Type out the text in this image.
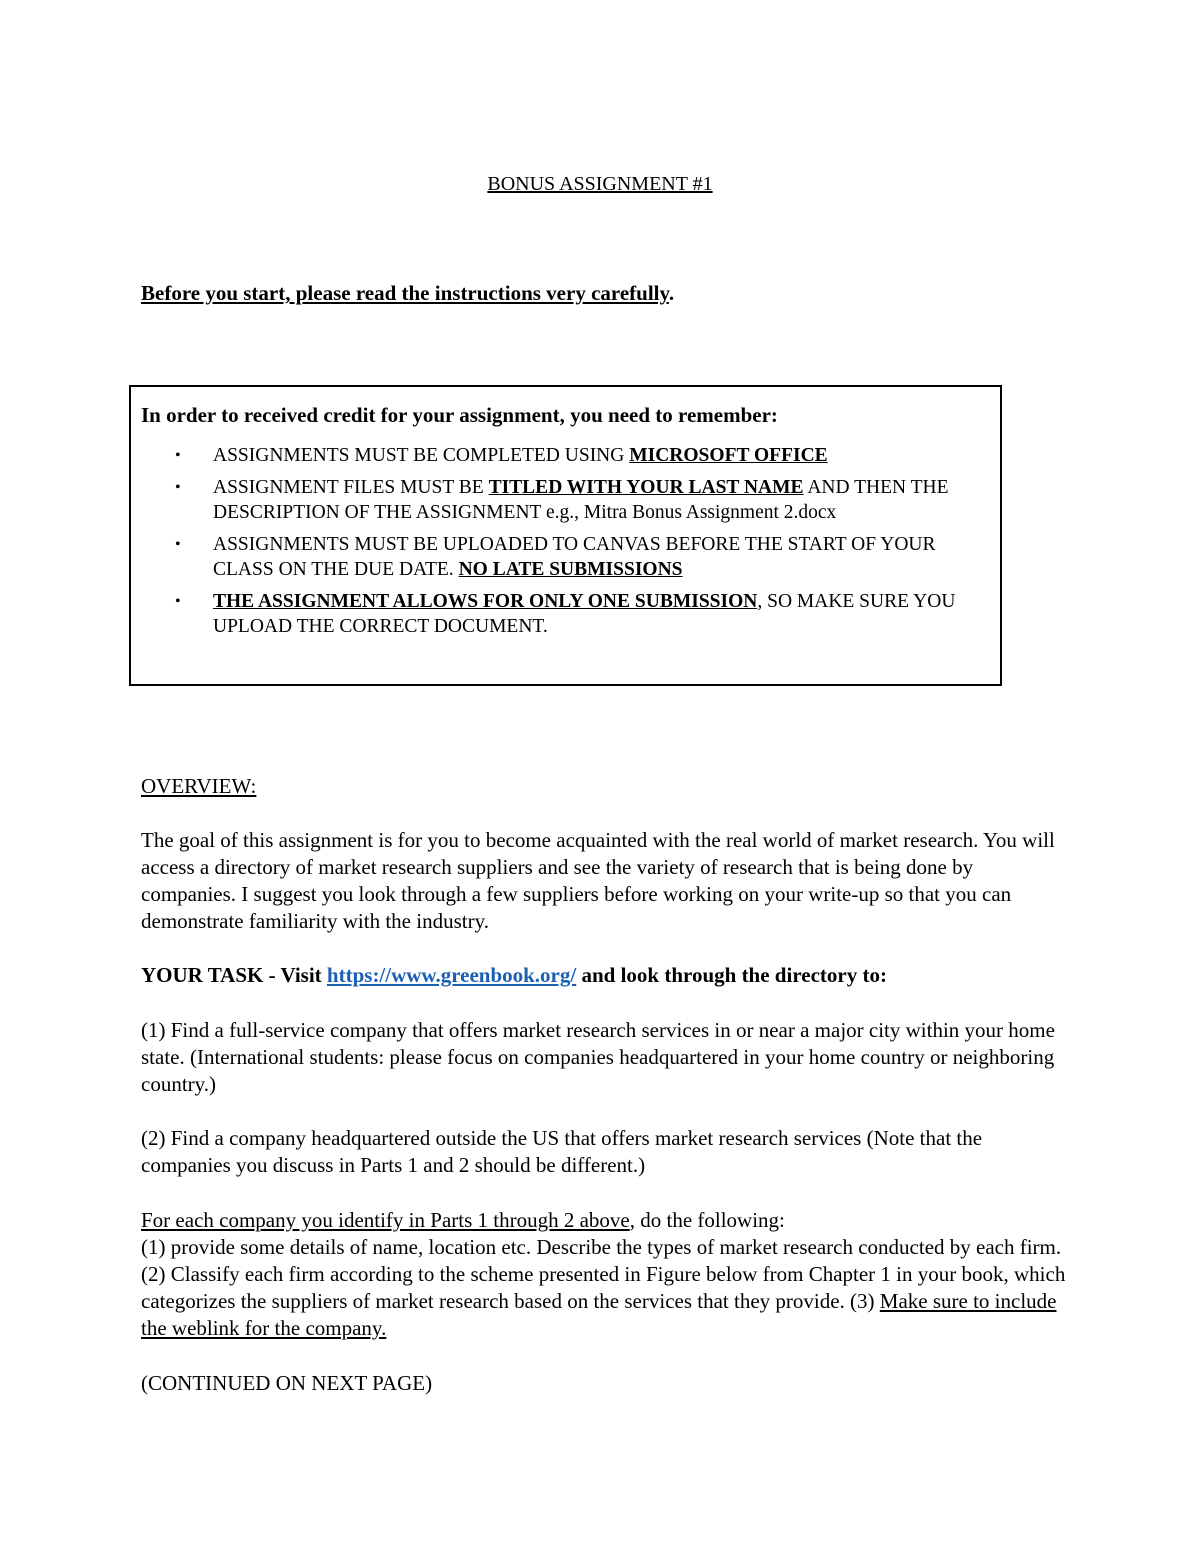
BONUS ASSIGNMENT #1
Before you start, please read the instructions very carefully.
In order to received credit for your assignment, you need to remember:
• ASSIGNMENTS MUST BE COMPLETED USING MICROSOFT OFFICE
• ASSIGNMENT FILES MUST BE TITLED WITH YOUR LAST NAME AND THEN THE DESCRIPTION OF THE ASSIGNMENT e.g., Mitra Bonus Assignment 2.docx
• ASSIGNMENTS MUST BE UPLOADED TO CANVAS BEFORE THE START OF YOUR CLASS ON THE DUE DATE. NO LATE SUBMISSIONS
• THE ASSIGNMENT ALLOWS FOR ONLY ONE SUBMISSION, SO MAKE SURE YOU UPLOAD THE CORRECT DOCUMENT.
OVERVIEW:

The goal of this assignment is for you to become acquainted with the real world of market research. You will access a directory of market research suppliers and see the variety of research that is being done by companies. I suggest you look through a few suppliers before working on your write-up so that you can demonstrate familiarity with the industry.

YOUR TASK - Visit https://www.greenbook.org/ and look through the directory to:

(1) Find a full-service company that offers market research services in or near a major city within your home state. (International students: please focus on companies headquartered in your home country or neighboring country.)

(2) Find a company headquartered outside the US that offers market research services (Note that the companies you discuss in Parts 1 and 2 should be different.)

For each company you identify in Parts 1 through 2 above, do the following:

(1) provide some details of name, location etc. Describe the types of market research conducted by each firm. (2) Classify each firm according to the scheme presented in Figure below from Chapter 1 in your book, which categorizes the suppliers of market research based on the services that they provide. (3) Make sure to include the weblink for the company.

(CONTINUED ON NEXT PAGE)
